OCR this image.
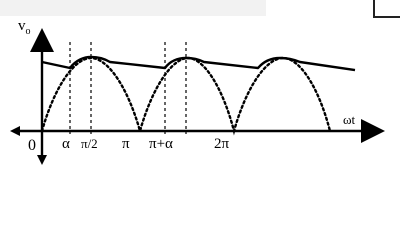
$v_o$
ωt
0 α π/2 π π+α	2π
